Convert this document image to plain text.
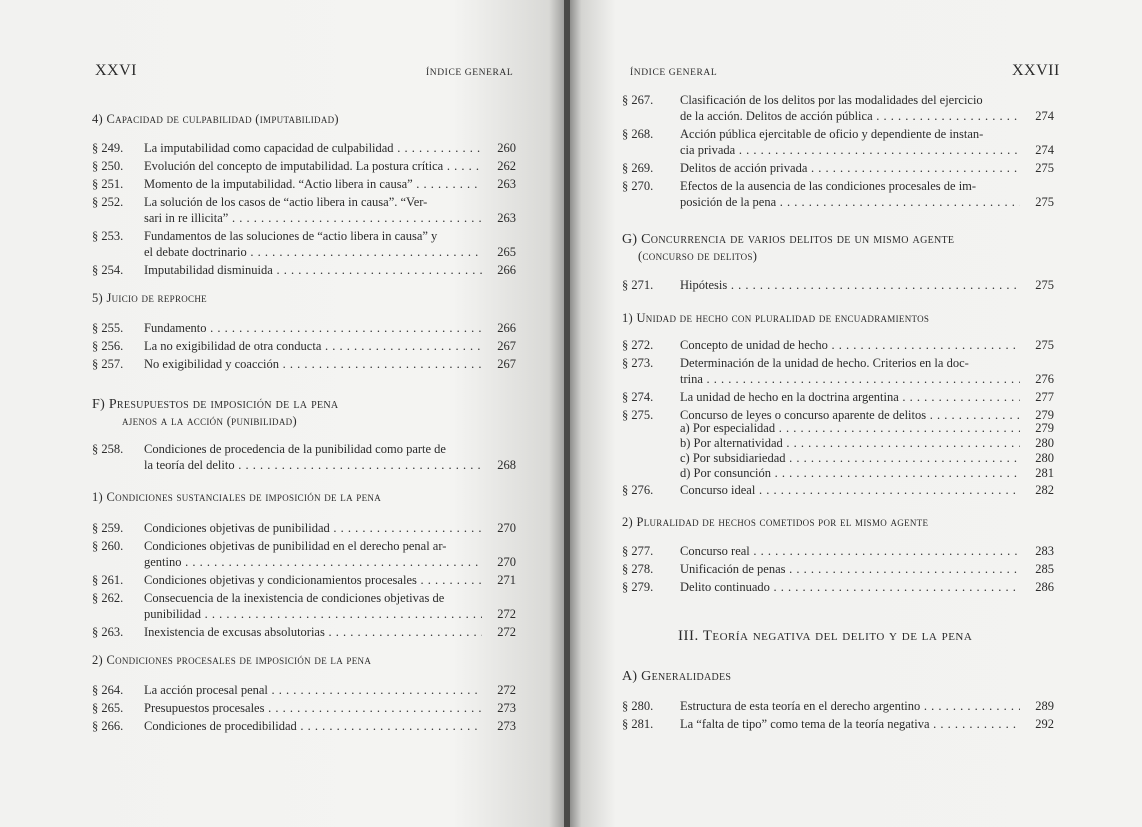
XXVI	ÍNDICE GENERAL
4) Capacidad de culpabilidad (imputabilidad)
§ 249. La imputabilidad como capacidad de culpabilidad . . .	260
§ 250. Evolución del concepto de imputabilidad. La postura crítica . . .	262
§ 251. Momento de la imputabilidad. “Actio libera in causa” . . .	263
§ 252. La solución de los casos de “actio libera in causa”. “Ver-
sari in re illicita” . . .	263
§ 253. Fundamentos de las soluciones de “actio libera in causa” y
el debate doctrinario . . .	265
§ 254. Imputabilidad disminuida . . .	266
5) Juicio de reproche
§ 255. Fundamento . . .	266
§ 256. La no exigibilidad de otra conducta . . .	267
§ 257. No exigibilidad y coacción . . .	267
F) Presupuestos de imposición de la pena
ajenos a la acción (punibilidad)
§ 258. Condiciones de procedencia de la punibilidad como parte de
la teoría del delito . . .	268
1) Condiciones sustanciales de imposición de la pena
§ 259. Condiciones objetivas de punibilidad . . .	270
§ 260. Condiciones objetivas de punibilidad en el derecho penal ar-
gentino . . .	270
§ 261. Condiciones objetivas y condicionamientos procesales . . .	271
§ 262. Consecuencia de la inexistencia de condiciones objetivas de
punibilidad . . .	272
§ 263. Inexistencia de excusas absolutorias . . .	272
2) Condiciones procesales de imposición de la pena
§ 264. La acción procesal penal . . .	272
§ 265. Presupuestos procesales . . .	273
§ 266. Condiciones de procedibilidad . . .	273
ÍNDICE GENERAL	XXVII
§ 267. Clasificación de los delitos por las modalidades del ejercicio
de la acción. Delitos de acción pública . . .	274
§ 268. Acción pública ejercitable de oficio y dependiente de instan-
cia privada . . .	274
§ 269. Delitos de acción privada . . .	275
§ 270. Efectos de la ausencia de las condiciones procesales de im-
posición de la pena . . .	275
G) Concurrencia de varios delitos de un mismo agente
(concurso de delitos)
§ 271. Hipótesis . . .	275
1) Unidad de hecho con pluralidad de encuadramientos
§ 272. Concepto de unidad de hecho . . .	275
§ 273. Determinación de la unidad de hecho. Criterios en la doc-
trina . . .	276
§ 274. La unidad de hecho en la doctrina argentina . . .	277
§ 275. Concurso de leyes o concurso aparente de delitos . . .	279
a) Por especialidad . . .	279
b) Por alternatividad . . .	280
c) Por subsidiariedad . . .	280
d) Por consunción . . .	281
§ 276. Concurso ideal . . .	282
2) Pluralidad de hechos cometidos por el mismo agente
§ 277. Concurso real . . .	283
§ 278. Unificación de penas . . .	285
§ 279. Delito continuado . . .	286
III. Teoría negativa del delito y de la pena
A) Generalidades
§ 280. Estructura de esta teoría en el derecho argentino . . .	289
§ 281. La “falta de tipo” como tema de la teoría negativa . . .	292
